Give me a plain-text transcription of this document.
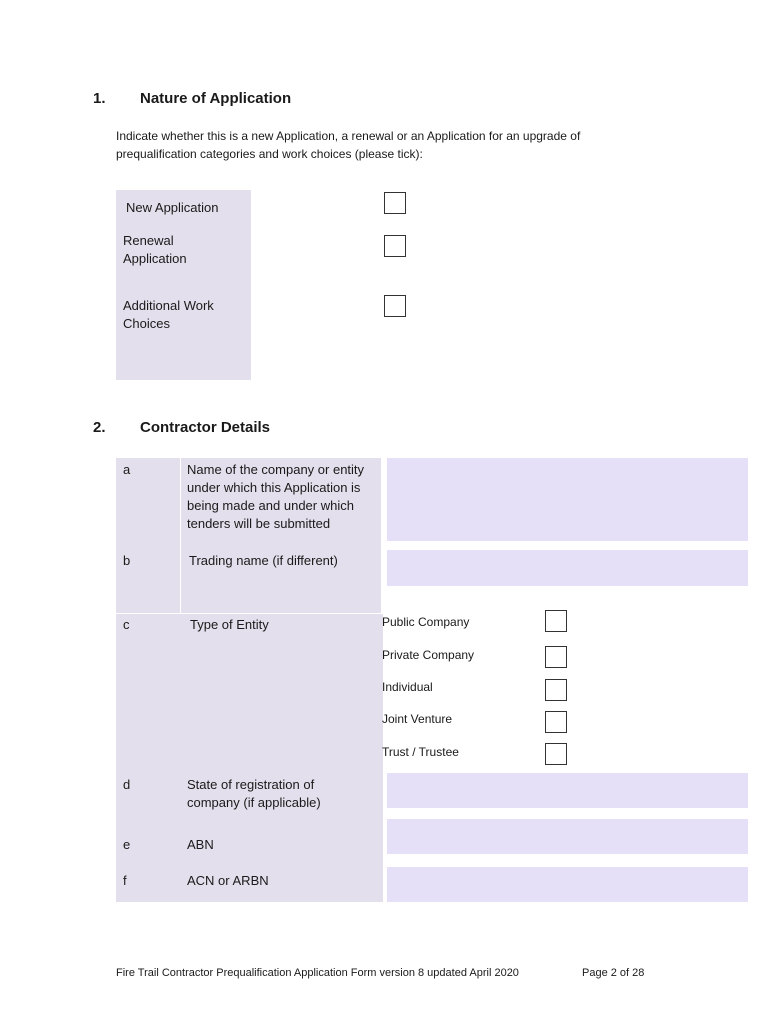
1. Nature of Application
Indicate whether this is a new Application, a renewal or an Application for an upgrade of prequalification categories and work choices (please tick):
New Application
Renewal Application
Additional Work Choices
2. Contractor Details
a	Name of the company or entity under which this Application is being made and under which tenders will be submitted
b	Trading name (if different)
c	Type of Entity	Public Company
Private Company
Individual
Joint Venture
Trust / Trustee
d	State of registration of company (if applicable)
e	ABN
f	ACN or ARBN
Fire Trail Contractor Prequalification Application Form version 8 updated April 2020	Page 2 of 28
